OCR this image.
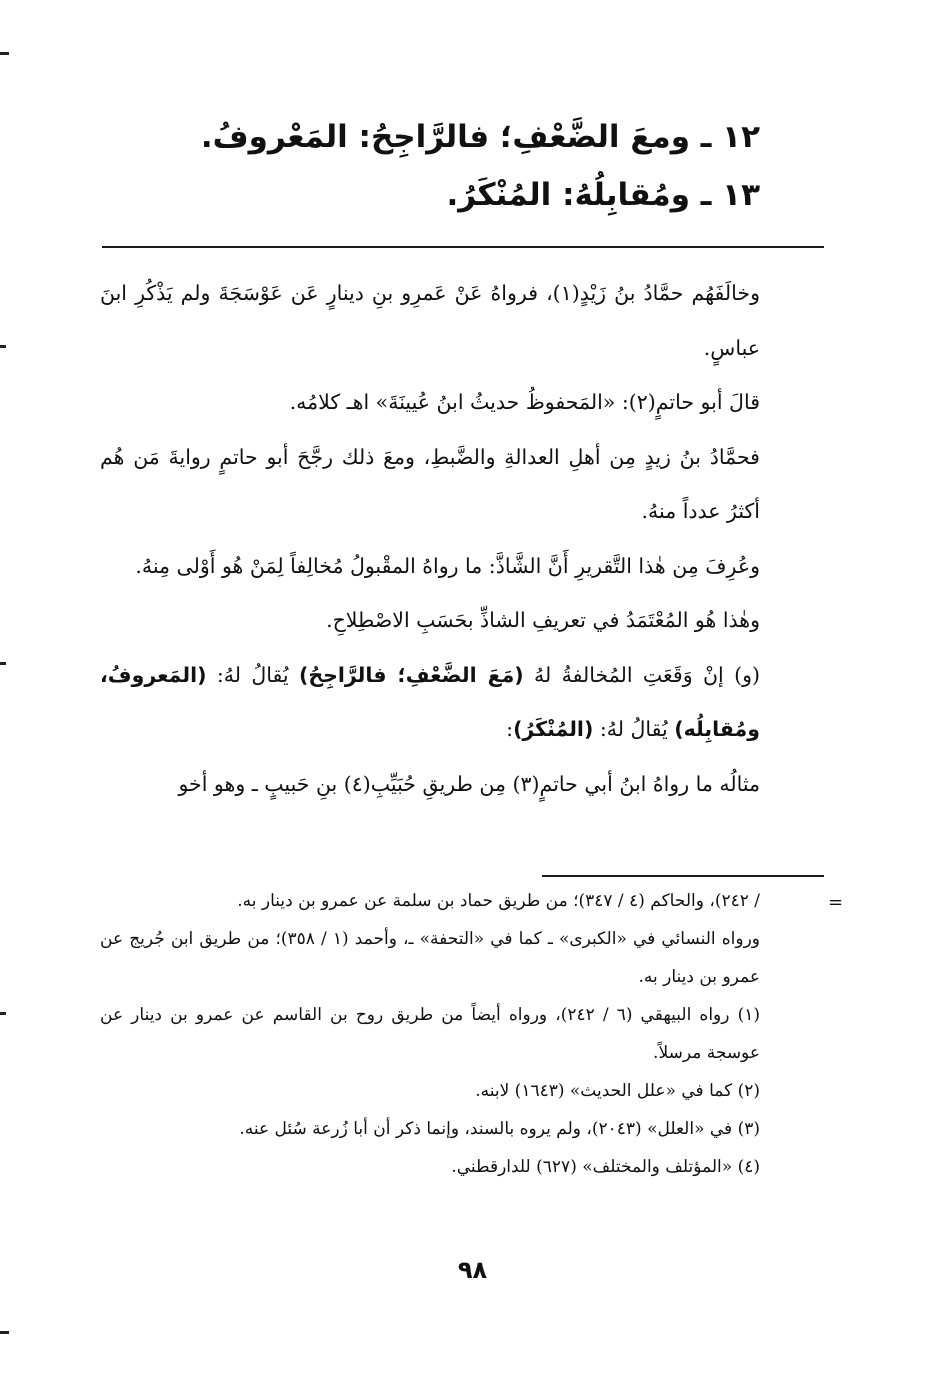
١٢ ـ ومعَ الضَّعْفِ؛ فالرَّاجِحُ: المَعْروفُ.
١٣ ـ ومُقابِلُهُ: المُنْكَرُ.

وخالَفَهُم حمَّادُ بنُ زَيْدٍ(١)، فرواهُ عَنْ عَمرِو بنِ دينارٍ عَن عَوْسَجَةَ ولم يَذْكُرِ ابنَ عباسٍ.

قالَ أبو حاتمٍ(٢): «المَحفوظُ حديثُ ابنُ عُيينَةَ» اهـ كلامُه.

فحمَّادُ بنُ زيدٍ مِن أهلِ العدالةِ والضَّبطِ، ومعَ ذلك رجَّحَ أبو حاتمٍ روايةَ مَن هُم أكثرُ عدداً منهُ.

وعُرِفَ مِن هٰذا التَّقريرِ أَنَّ الشَّاذَّ: ما رواهُ المقْبولُ مُخالِفاً لِمَنْ هُو أَوْلى مِنهُ.

وهٰذا هُو المُعْتَمَدُ في تعريفِ الشاذِّ بحَسَبِ الاصْطِلاحِ.

(و) إنْ وَقَعَتِ المُخالفةُ لهُ (مَعَ الضَّعْفِ؛ فالرَّاجِحُ) يُقالُ لهُ: (المَعروفُ، ومُقابِلُه) يُقالُ لهُ: (المُنْكَرُ):

مثالُه ما رواهُ ابنُ أبي حاتمٍ(٣) مِن طريقِ حُبَيِّبِ(٤) بنِ حَبيبٍ ـ وهو أخو

=

/ ٢٤٢)، والحاكم (٤ / ٣٤٧)؛ من طريق حماد بن سلمة عن عمرو بن دينار به.

ورواه النسائي في «الكبرى» ـ كما في «التحفة» ـ، وأحمد (١ / ٣٥٨)؛ من طريق ابن جُريج عن عمرو بن دينار به.

(١) رواه البيهقي (٦ / ٢٤٢)، ورواه أيضاً من طريق روح بن القاسم عن عمرو بن دينار عن عوسجة مرسلاً.

(٢) كما في «علل الحديث» (١٦٤٣) لابنه.

(٣) في «العلل» (٢٠٤٣)، ولم يروه بالسند، وإنما ذكر أن أبا زُرعة سُئل عنه.

(٤) «المؤتلف والمختلف» (٦٢٧) للدارقطني.

٩٨
